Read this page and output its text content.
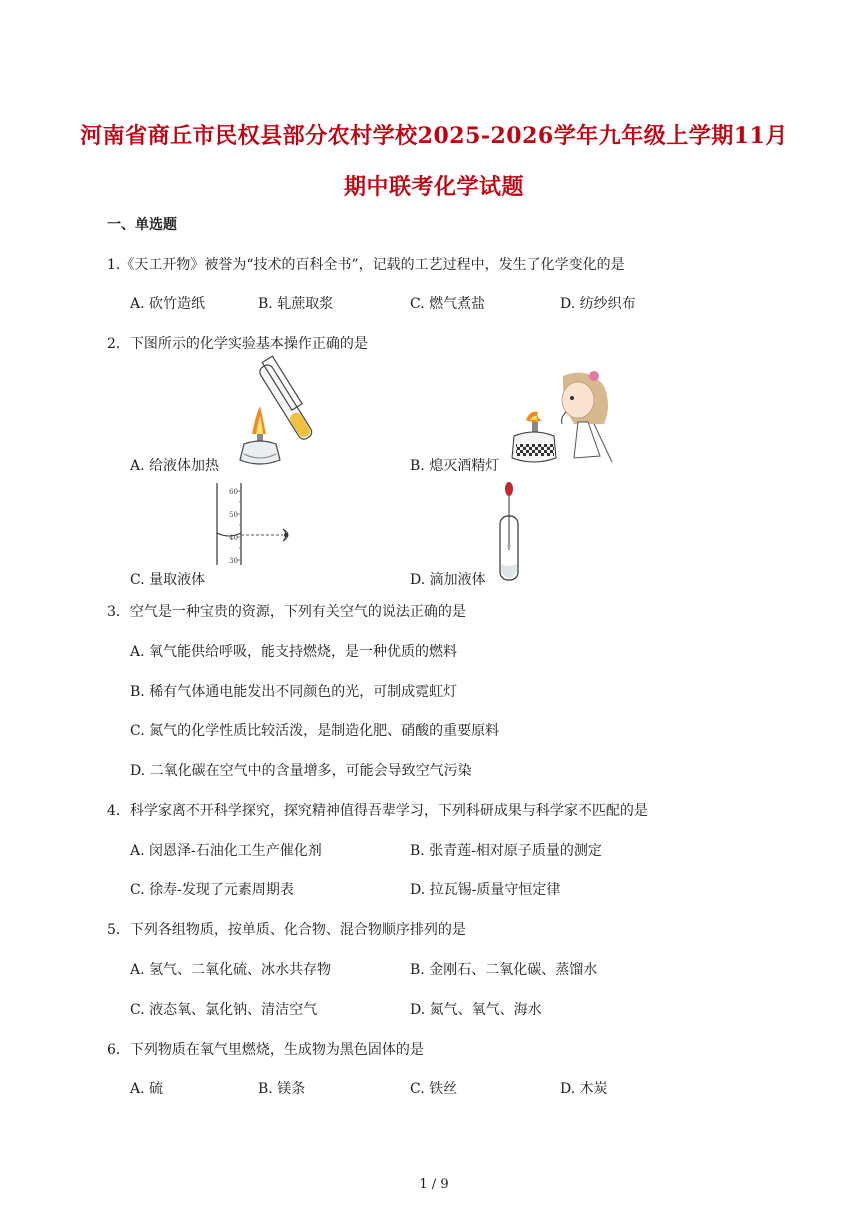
河南省商丘市民权县部分农村学校2025-2026学年九年级上学期11月
期中联考化学试题
一、单选题
1.《天工开物》被誉为“技术的百科全书”，记载的工艺过程中，发生了化学变化的是
A. 砍竹造纸	B. 轧蔗取浆	C. 燃气煮盐	D. 纺纱织布
2．下图所示的化学实验基本操作正确的是
A. 给液体加热	B. 熄灭酒精灯
60
50
40
30
C. 量取液体	D. 滴加液体
3．空气是一种宝贵的资源，下列有关空气的说法正确的是
A. 氧气能供给呼吸，能支持燃烧，是一种优质的燃料
B. 稀有气体通电能发出不同颜色的光，可制成霓虹灯
C. 氮气的化学性质比较活泼，是制造化肥、硝酸的重要原料
D. 二氧化碳在空气中的含量增多，可能会导致空气污染
4．科学家离不开科学探究，探究精神值得吾辈学习，下列科研成果与科学家不匹配的是
A. 闵恩泽-石油化工生产催化剂	B. 张青莲-相对原子质量的测定
C. 徐寿-发现了元素周期表	D. 拉瓦锡-质量守恒定律
5．下列各组物质，按单质、化合物、混合物顺序排列的是
A. 氢气、二氧化硫、冰水共存物	B. 金刚石、二氧化碳、蒸馏水
C. 液态氧、氯化钠、清洁空气	D. 氮气、氧气、海水
6．下列物质在氧气里燃烧，生成物为黑色固体的是
A. 硫	B. 镁条	C. 铁丝	D. 木炭
1 / 9
